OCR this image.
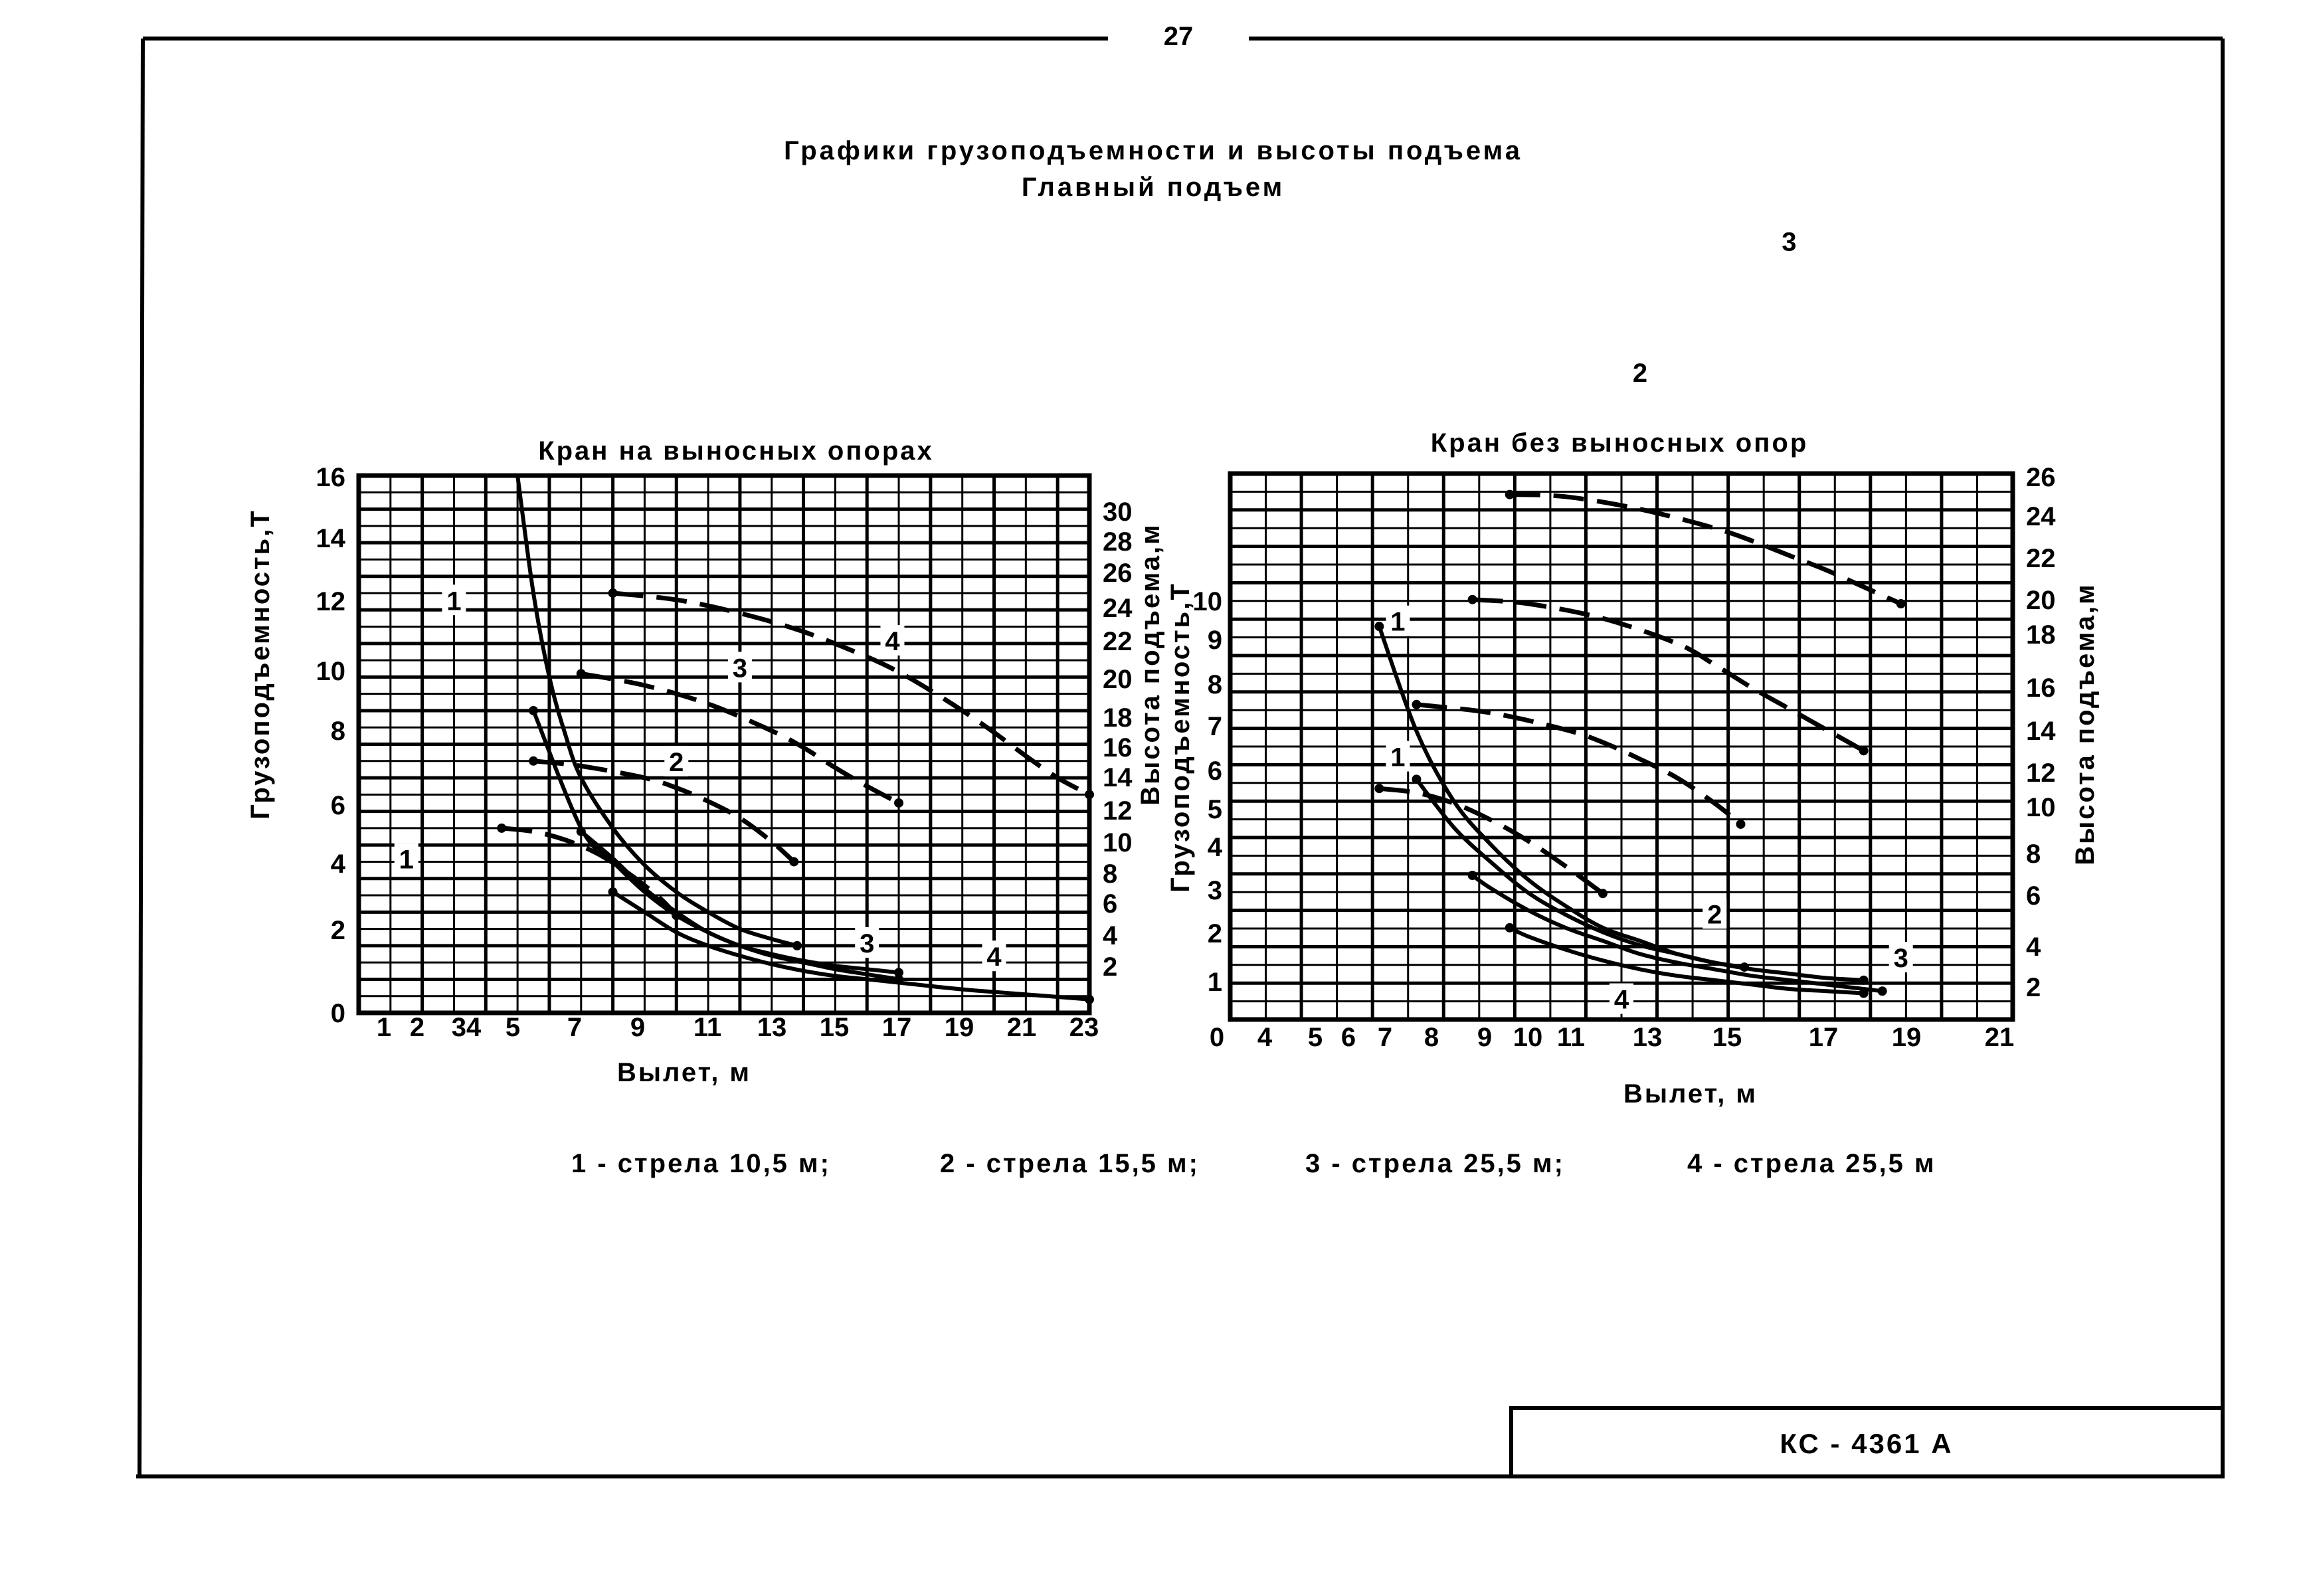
27
Графики грузоподъемности и высоты подъема
Главный подъем
КС - 4361 А
Кран на выносных опорах
Вылет, м
Грузоподъемность,Т	Высота подъема,м
1 2 34 5 7 9 11 13 15 17 19 21 23
0
2
4
6
8
10
12
14
16
2
4
6
8
10
12
14
16
18
20
22
24
26
28
30
1
1
2
3
4
3	4
Кран без выносных опор
Вылет, м
Грузоподъемность,Т	Высота подъема,м
0 4 5 6 7 8 9 10 11 13 15	17 19 21
1
2
3
4
5
6
7
8
9
10
2
4
6
8
10
12
14
16
18
20
22
24
26
1
1
2
3
2
3
4
1 - стрела 10,5 м;	2 - стрела 15,5 м;	3 - стрела 25,5 м;	4 - стрела 25,5 м
